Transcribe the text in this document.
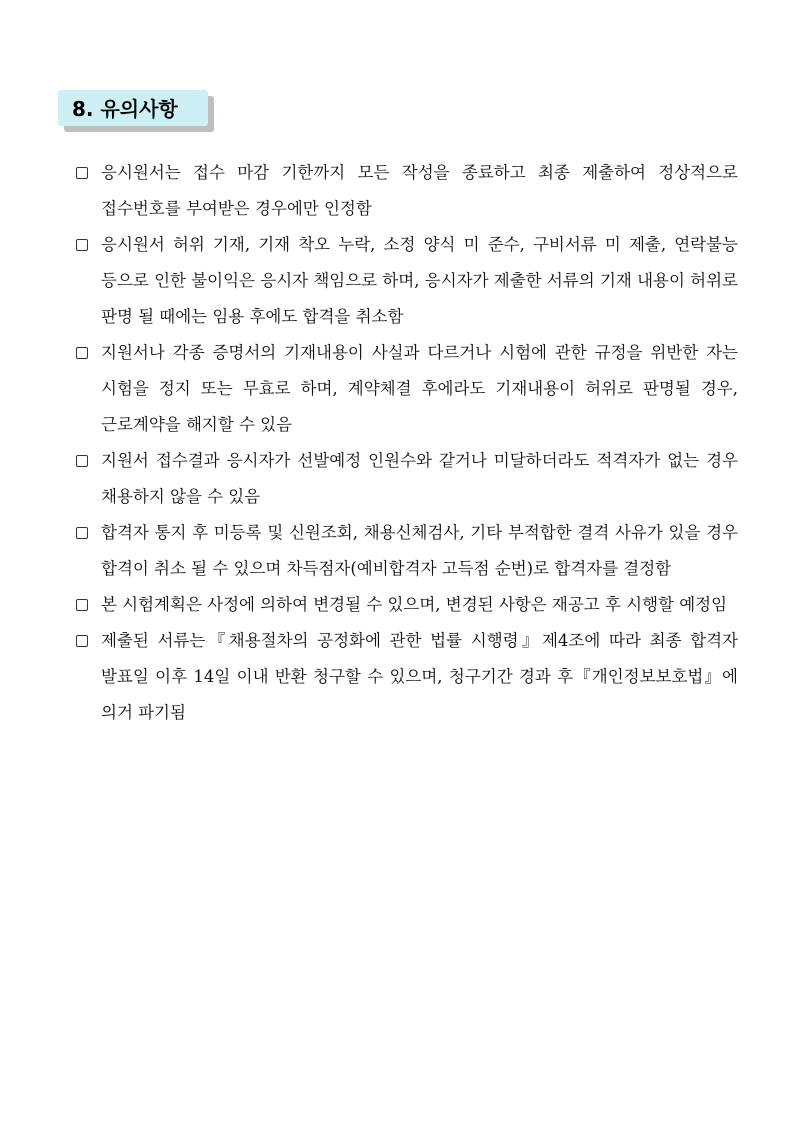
8. 유의사항
응시원서는 접수 마감 기한까지 모든 작성을 종료하고 최종 제출하여 정상적으로 접수번호를 부여받은 경우에만 인정함
응시원서 허위 기재, 기재 착오 누락, 소정 양식 미 준수, 구비서류 미 제출, 연락불능 등으로 인한 불이익은 응시자 책임으로 하며, 응시자가 제출한 서류의 기재 내용이 허위로 판명 될 때에는 임용 후에도 합격을 취소함
지원서나 각종 증명서의 기재내용이 사실과 다르거나 시험에 관한 규정을 위반한 자는 시험을 정지 또는 무효로 하며, 계약체결 후에라도 기재내용이 허위로 판명될 경우, 근로계약을 해지할 수 있음
지원서 접수결과 응시자가 선발예정 인원수와 같거나 미달하더라도 적격자가 없는 경우 채용하지 않을 수 있음
합격자 통지 후 미등록 및 신원조회, 채용신체검사, 기타 부적합한 결격 사유가 있을 경우 합격이 취소 될 수 있으며 차득점자(예비합격자 고득점 순번)로 합격자를 결정함
본 시험계획은 사정에 의하여 변경될 수 있으며, 변경된 사항은 재공고 후 시행할 예정임
제출된 서류는『채용절차의 공정화에 관한 법률 시행령』제4조에 따라 최종 합격자 발표일 이후 14일 이내 반환 청구할 수 있으며, 청구기간 경과 후『개인정보보호법』에 의거 파기됨
